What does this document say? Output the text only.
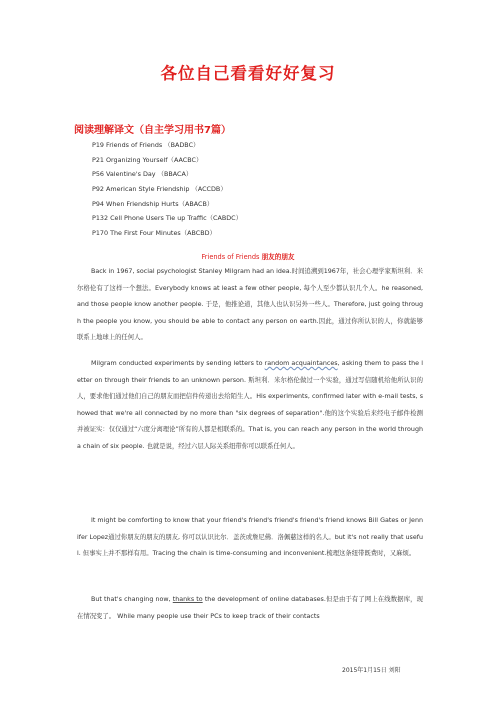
各位自己看看好好复习
阅读理解译文（自主学习用书7篇）
P19 Friends of Friends （BADBC）
P21 Organizing Yourself（AACBC）
P56 Valentine's Day （BBACA）
P92 American Style Friendship （ACCDB）
P94 When Friendship Hurts（ABACB）
P132 Cell Phone Users Tie up Traffic（CABDC）
P170 The First Four Minutes（ABCBD）
Friends of Friends 朋友的朋友
Back in 1967, social psychologist Stanley Milgram had an idea.时间追溯到1967年，社会心理学家斯坦利．米尔格伦有了这样一个想法。Everybody knows at least a few other people, 每个人至少都认识几个人。he reasoned, and those people know another people. 于是，他推论道，其他人也认识另外一些人。Therefore, just going through the people you know, you should be able to contact any person on earth.因此，通过你所认识的人，你就能够联系上地球上的任何人。
Milgram conducted experiments by sending letters to random acquaintances, asking them to pass the letter on through their friends to an unknown person. 斯坦利．米尔格伦做过一个实验，通过写信随机给他所认识的人，要求他们通过他们自己的朋友而把信件传递出去给陌生人。His experiments, confirmed later with e-mail tests, showed that we're all connected by no more than "six degrees of separation".他的这个实验后来经电子邮件检测并被证实：仅仅通过“六度分离理论”所有的人都是相联系的。That is, you can reach any person in the world through a chain of six people. 也就是说，经过六层人际关系纽带你可以联系任何人。
It might be comforting to know that your friend's friend's friend's friend's friend knows Bill Gates or Jennifer Lopez通过你朋友的朋友的朋友, 你可以认识比尔．盖茨或詹尼佛．洛佩慈这样的名人。but it's not really that useful. 但事实上并不那样有用。Tracing the chain is time-consuming and inconvenient.梳理这条纽带既费时，又麻烦。
But that's changing now, thanks to the development of online databases.但是由于有了网上在线数据库，现在情况变了。 While many people use their PCs to keep track of their contacts
2015年1月15日 刘阳
